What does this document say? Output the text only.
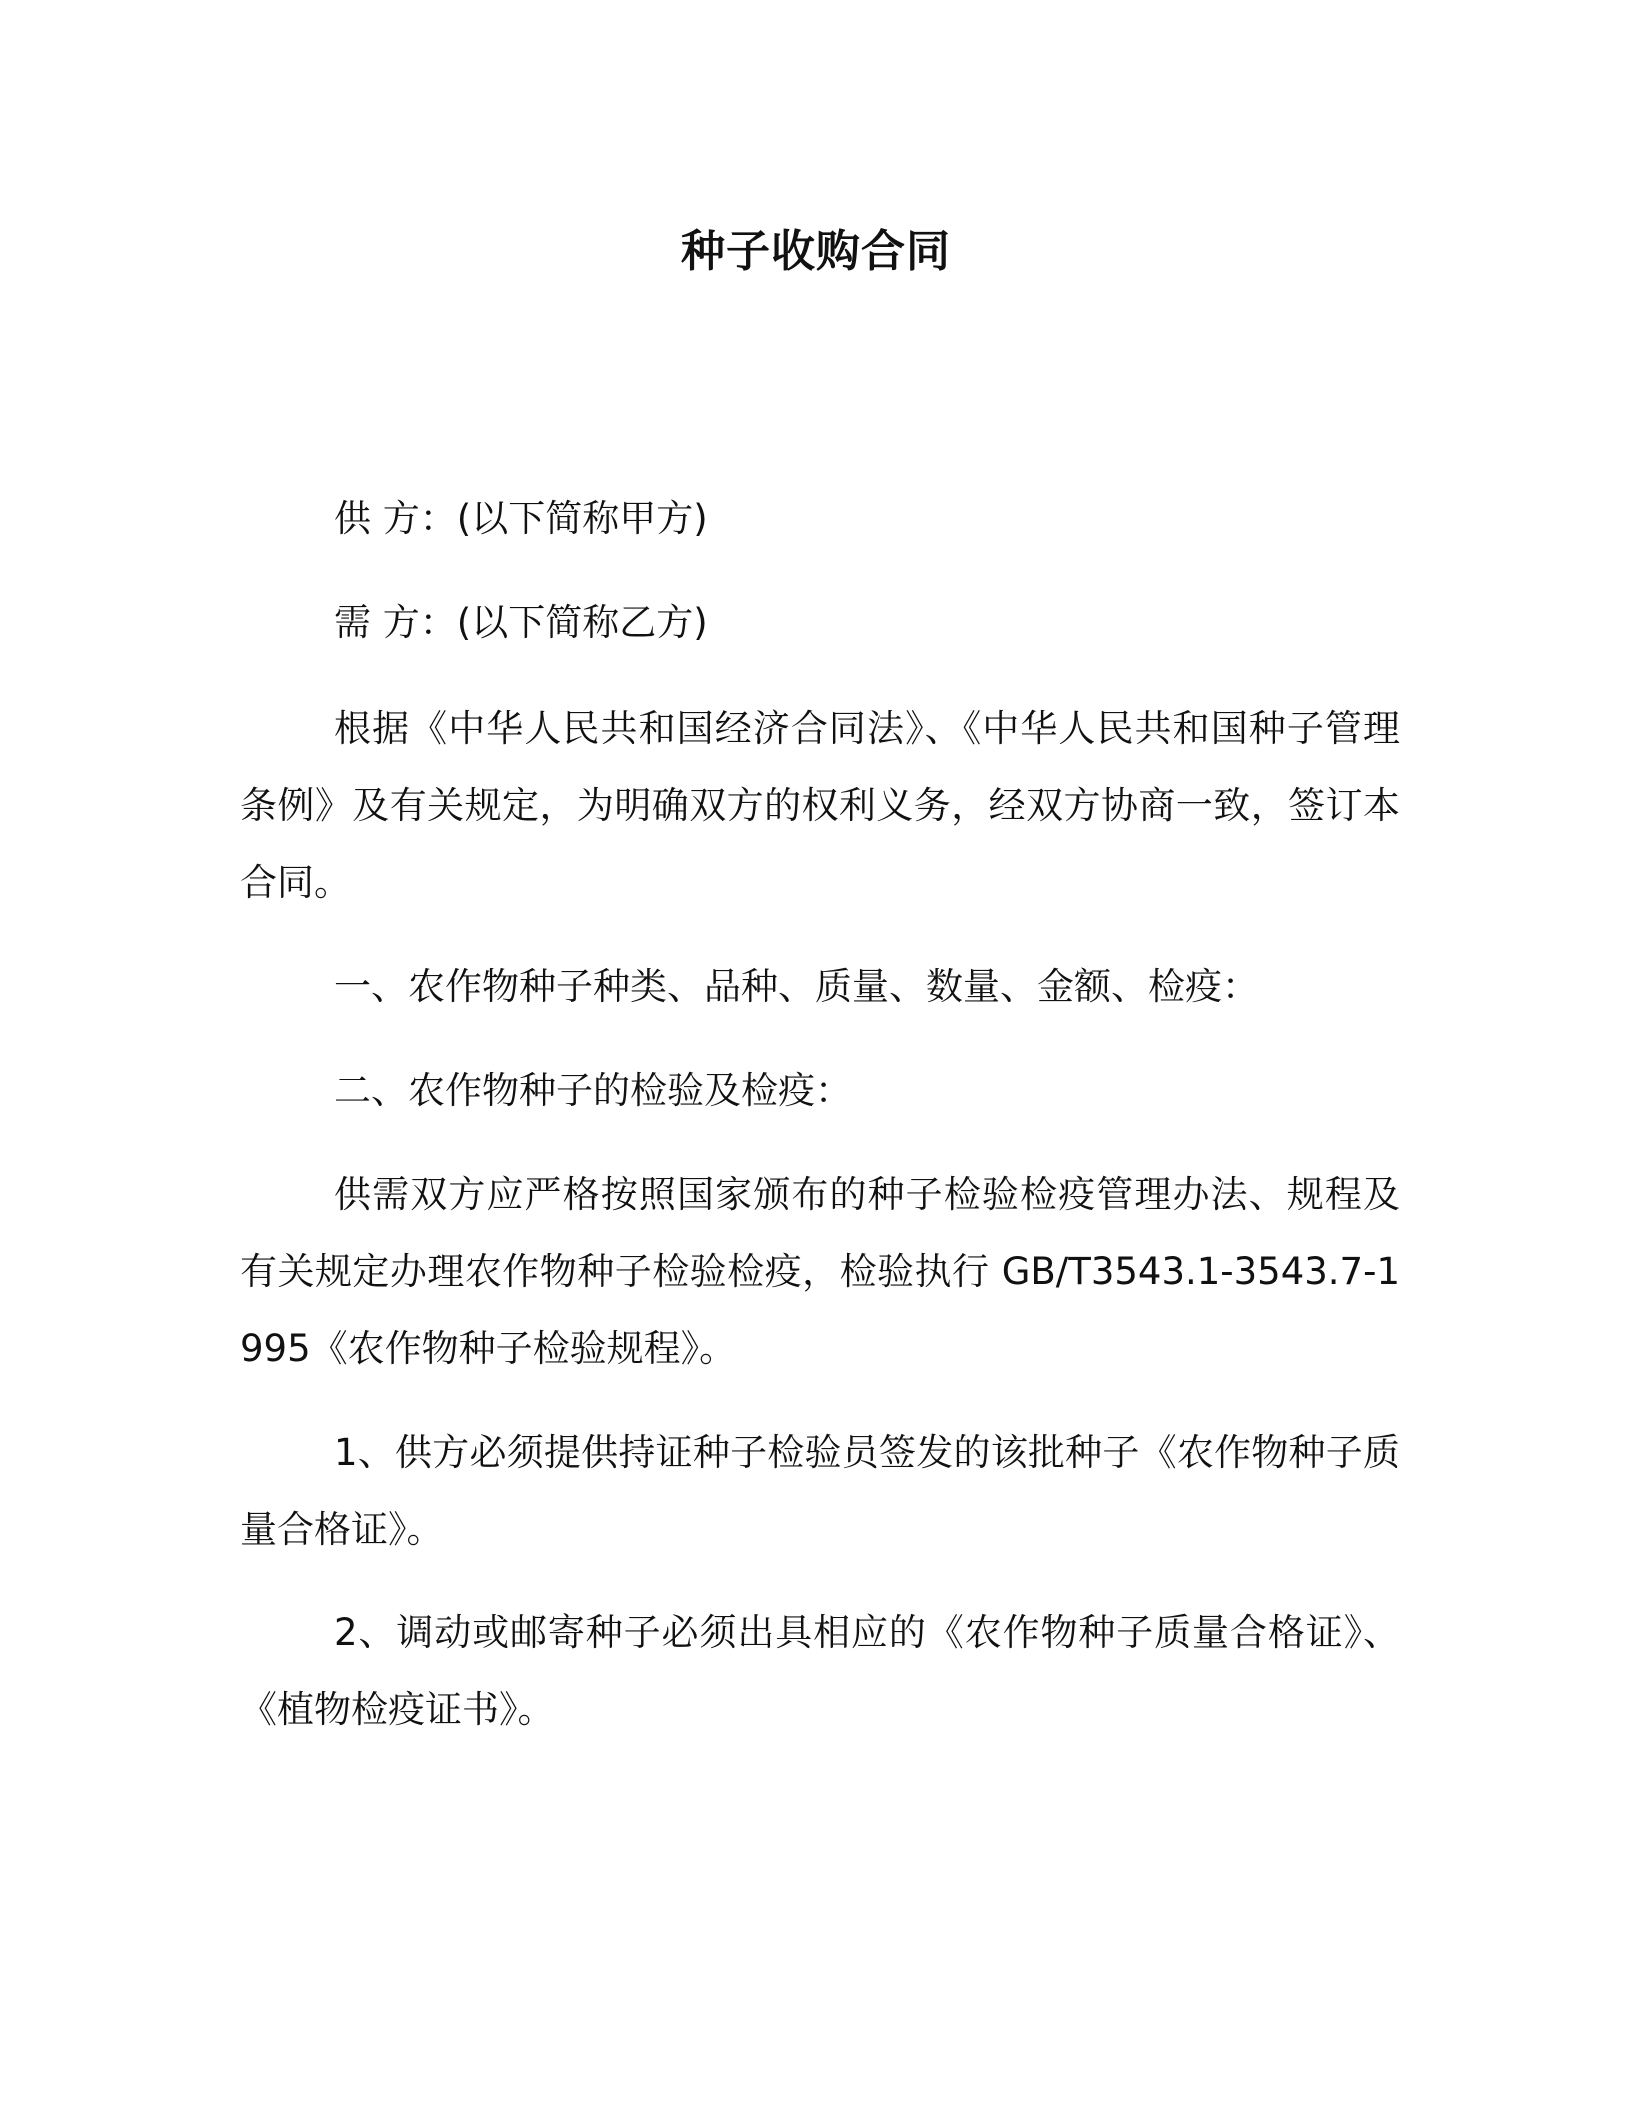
种子收购合同

供 方：(以下简称甲方)

需 方：(以下简称乙方)

根据《中华人民共和国经济合同法》、《中华人民共和国种子管理条例》及有关规定，为明确双方的权利义务，经双方协商一致，签订本合同。

一、农作物种子种类、品种、质量、数量、金额、检疫：

二、农作物种子的检验及检疫：

供需双方应严格按照国家颁布的种子检验检疫管理办法、规程及有关规定办理农作物种子检验检疫，检验执行 GB/T3543.1-3543.7-1995《农作物种子检验规程》。

1、供方必须提供持证种子检验员签发的该批种子《农作物种子质量合格证》。

2、调动或邮寄种子必须出具相应的《农作物种子质量合格证》、《植物检疫证书》。
